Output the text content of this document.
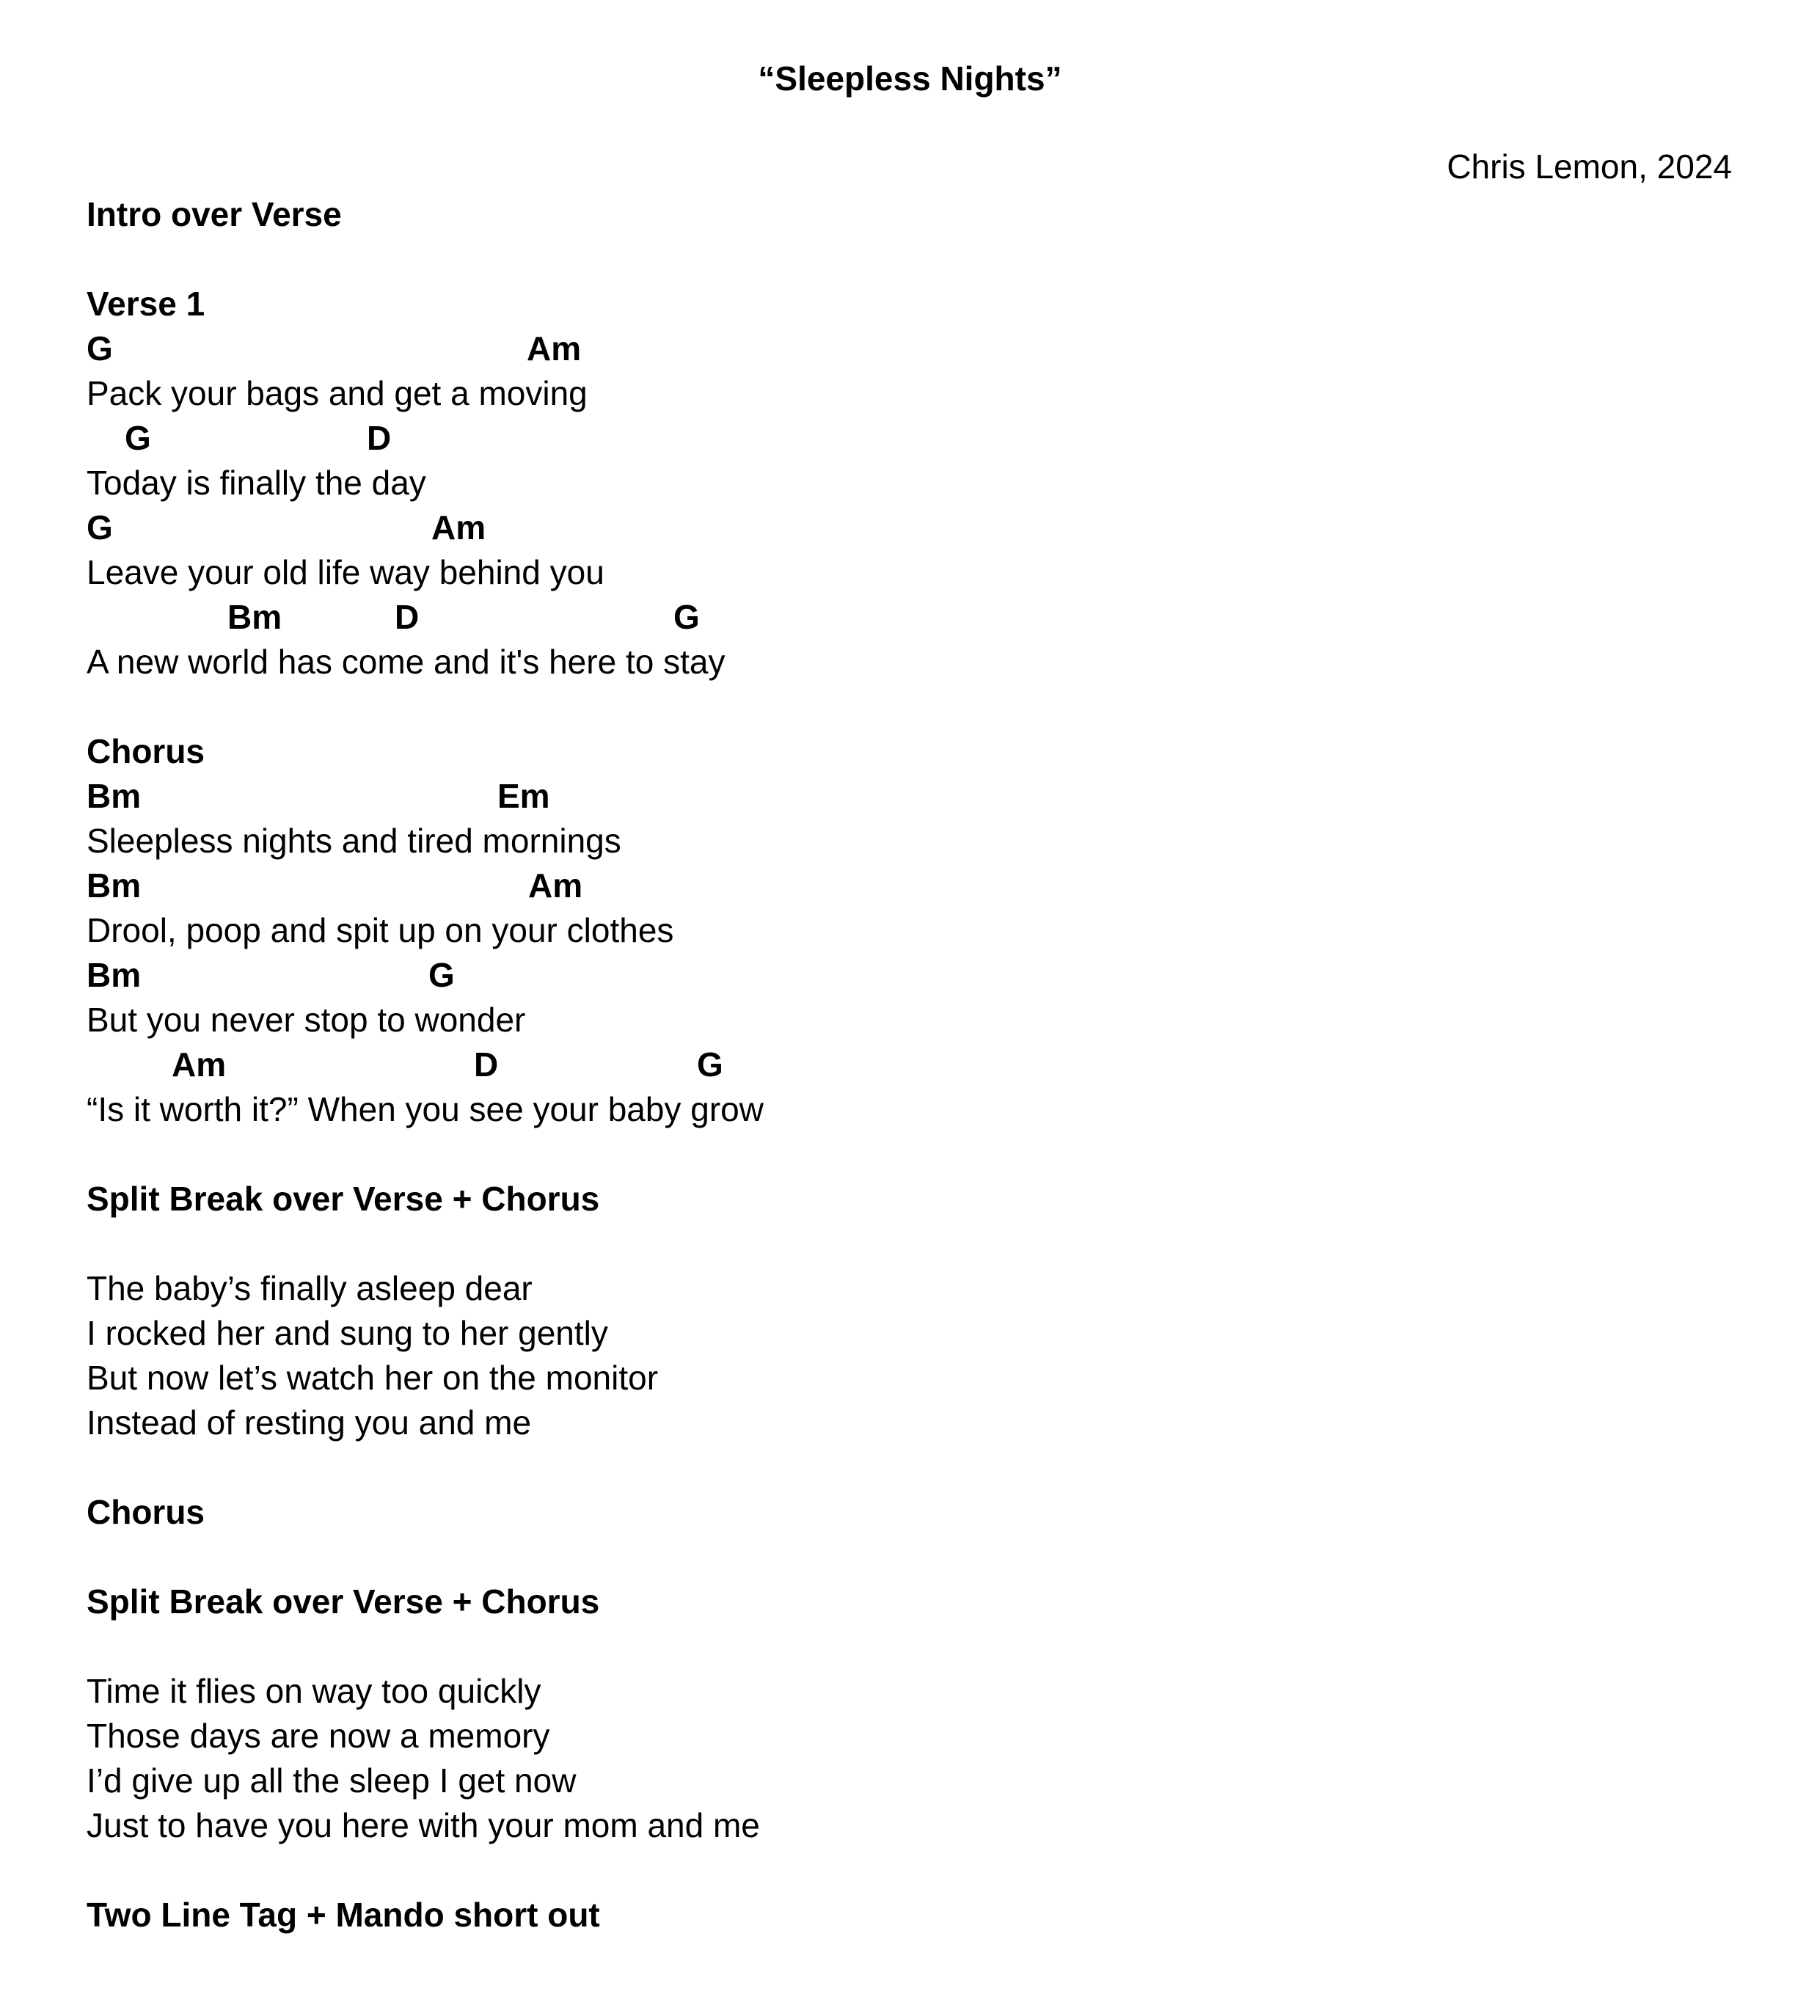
“Sleepless Nights”

Chris Lemon, 2024

Intro over Verse
Verse 1
G	Am
Pack your bags and get a moving
G	D
Today is finally the day
G	Am
Leave your old life way behind you
Bm	D	G
A new world has come and it's here to stay
Chorus
Bm	Em
Sleepless nights and tired mornings
Bm	Am
Drool, poop and spit up on your clothes
Bm	G
But you never stop to wonder
Am	D	G
“Is it worth it?” When you see your baby grow
Split Break over Verse + Chorus
The baby’s finally asleep dear
I rocked her and sung to her gently
But now let’s watch her on the monitor
Instead of resting you and me
Chorus
Split Break over Verse + Chorus
Time it flies on way too quickly
Those days are now a memory
I’d give up all the sleep I get now
Just to have you here with your mom and me
Two Line Tag + Mando short out
